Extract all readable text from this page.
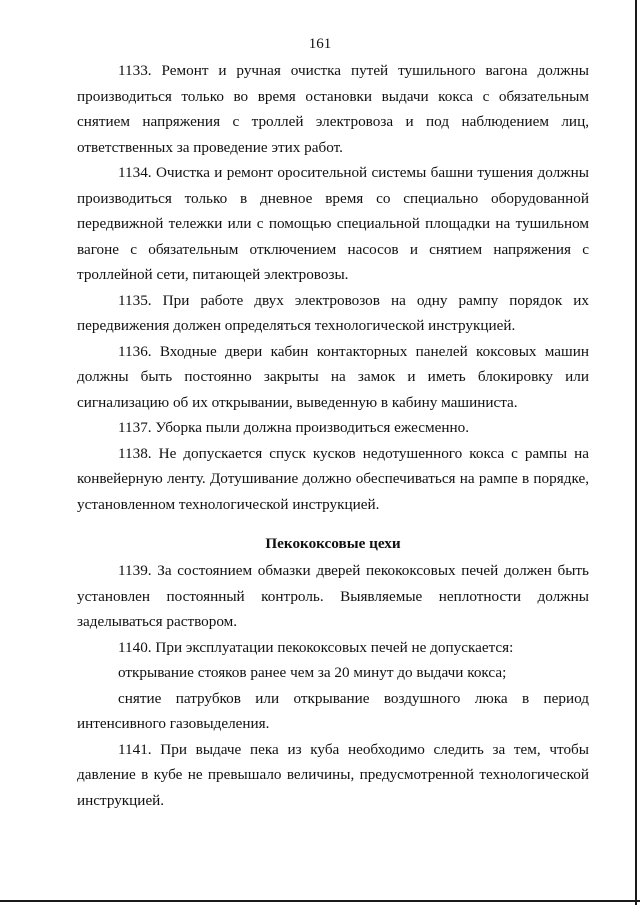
161

1133. Ремонт и ручная очистка путей тушильного вагона должны производиться только во время остановки выдачи кокса с обязательным снятием напряжения с троллей электровоза и под наблюдением лиц, ответственных за проведение этих работ.

1134. Очистка и ремонт оросительной системы башни тушения должны производиться только в дневное время со специально оборудованной передвижной тележки или с помощью специальной площадки на тушильном вагоне с обязательным отключением насосов и снятием напряжения с троллейной сети, питающей электровозы.

1135. При работе двух электровозов на одну рампу порядок их передвижения должен определяться технологической инструкцией.

1136. Входные двери кабин контакторных панелей коксовых машин должны быть постоянно закрыты на замок и иметь блокировку или сигнализацию об их открывании, выведенную в кабину машиниста.

1137. Уборка пыли должна производиться ежесменно.

1138. Не допускается спуск кусков недотушенного кокса с рампы на конвейерную ленту. Дотушивание должно обеспечиваться на рампе в порядке, установленном технологической инструкцией.

Пекококсовые цехи

1139. За состоянием обмазки дверей пекококсовых печей должен быть установлен постоянный контроль. Выявляемые неплотности должны заделываться раствором.

1140. При эксплуатации пекококсовых печей не допускается:

открывание стояков ранее чем за 20 минут до выдачи кокса;

снятие патрубков или открывание воздушного люка в период интенсивного газовыделения.

1141. При выдаче пека из куба необходимо следить за тем, чтобы давление в кубе не превышало величины, предусмотренной технологической инструкцией.
